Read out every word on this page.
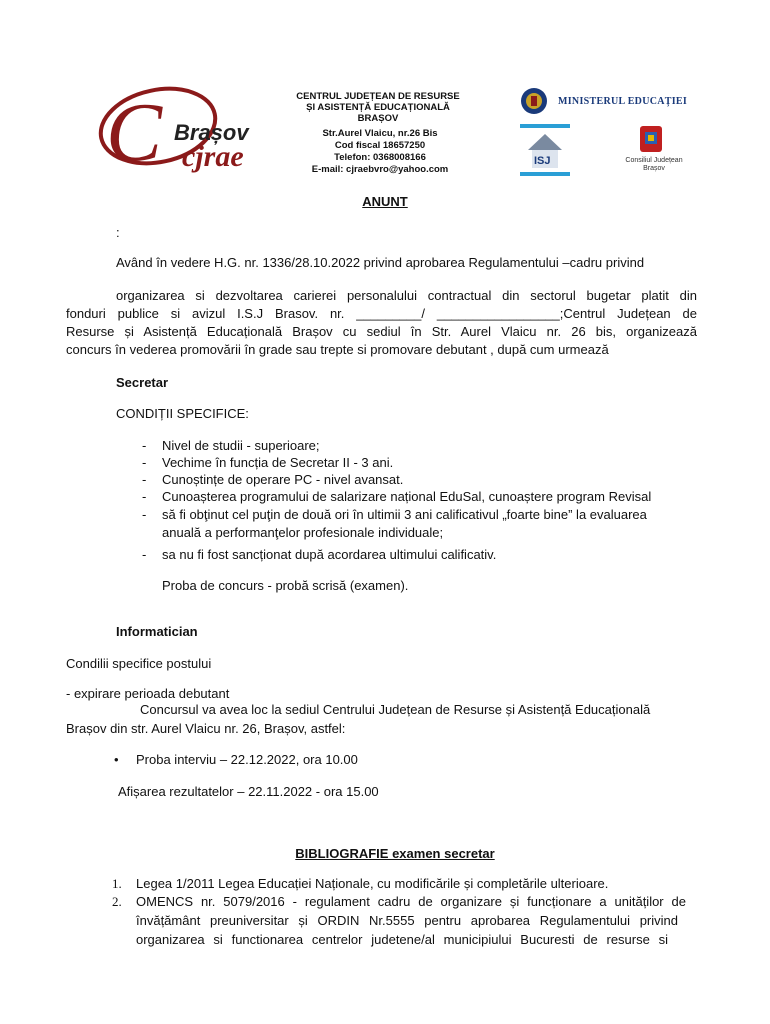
C Brașov
cjrae
CENTRUL JUDEȚEAN DE RESURSE
ȘI ASISTENȚĂ EDUCAȚIONALĂ
BRAȘOV
Str.Aurel Vlaicu, nr.26 Bis
Cod fiscal 18657250
Telefon: 0368008166
E-mail: cjraebvro@yahoo.com
MINISTERUL EDUCAȚIEI
ISJ	Consiliul Județean Brașov
ANUNT
:
Având în vedere H.G. nr. 1336/28.10.2022 privind aprobarea Regulamentului –cadru privind
organizarea si dezvoltarea carierei personalului contractual din sectorul bugetar platit din
fonduri publice si avizul I.S.J Brasov. nr. _________/ _________________;Centrul Județean de
Resurse și Asistență Educațională Brașov cu sediul în Str. Aurel Vlaicu nr. 26 bis, organizează
concurs în vederea promovării în grade sau trepte si promovare debutant , după cum urmează
Secretar
CONDIȚII SPECIFICE:
- Nivel de studii - superioare;
- Vechime în funcția de Secretar II - 3 ani.
- Cunoștințe de operare PC - nivel avansat.
- Cunoașterea programului de salarizare național EduSal, cunoaștere program Revisal
- să fi obţinut cel puţin de două ori în ultimii 3 ani calificativul „foarte bine” la evaluarea
anuală a performanţelor profesionale individuale;
- sa nu fi fost sancționat după acordarea ultimului calificativ.
Proba de concurs - probă scrisă (examen).
Informatician
Condilii specifice postului
- expirare perioada debutant
Concursul va avea loc la sediul Centrului Județean de Resurse și Asistență Educațională
Brașov din str. Aurel Vlaicu nr. 26, Brașov, astfel:
• Proba interviu – 22.12.2022, ora 10.00
Afișarea rezultatelor – 22.11.2022 - ora 15.00
BIBLIOGRAFIE examen secretar
1. Legea 1/2011 Legea Educației Naționale, cu modificările și completările ulterioare.
2. OMENCS nr. 5079/2016 - regulament cadru de organizare și funcționare a unităților de
învățământ preuniversitar și ORDIN Nr.5555 pentru aprobarea Regulamentului privind
organizarea si functionarea centrelor judetene/al municipiului Bucuresti de resurse si
